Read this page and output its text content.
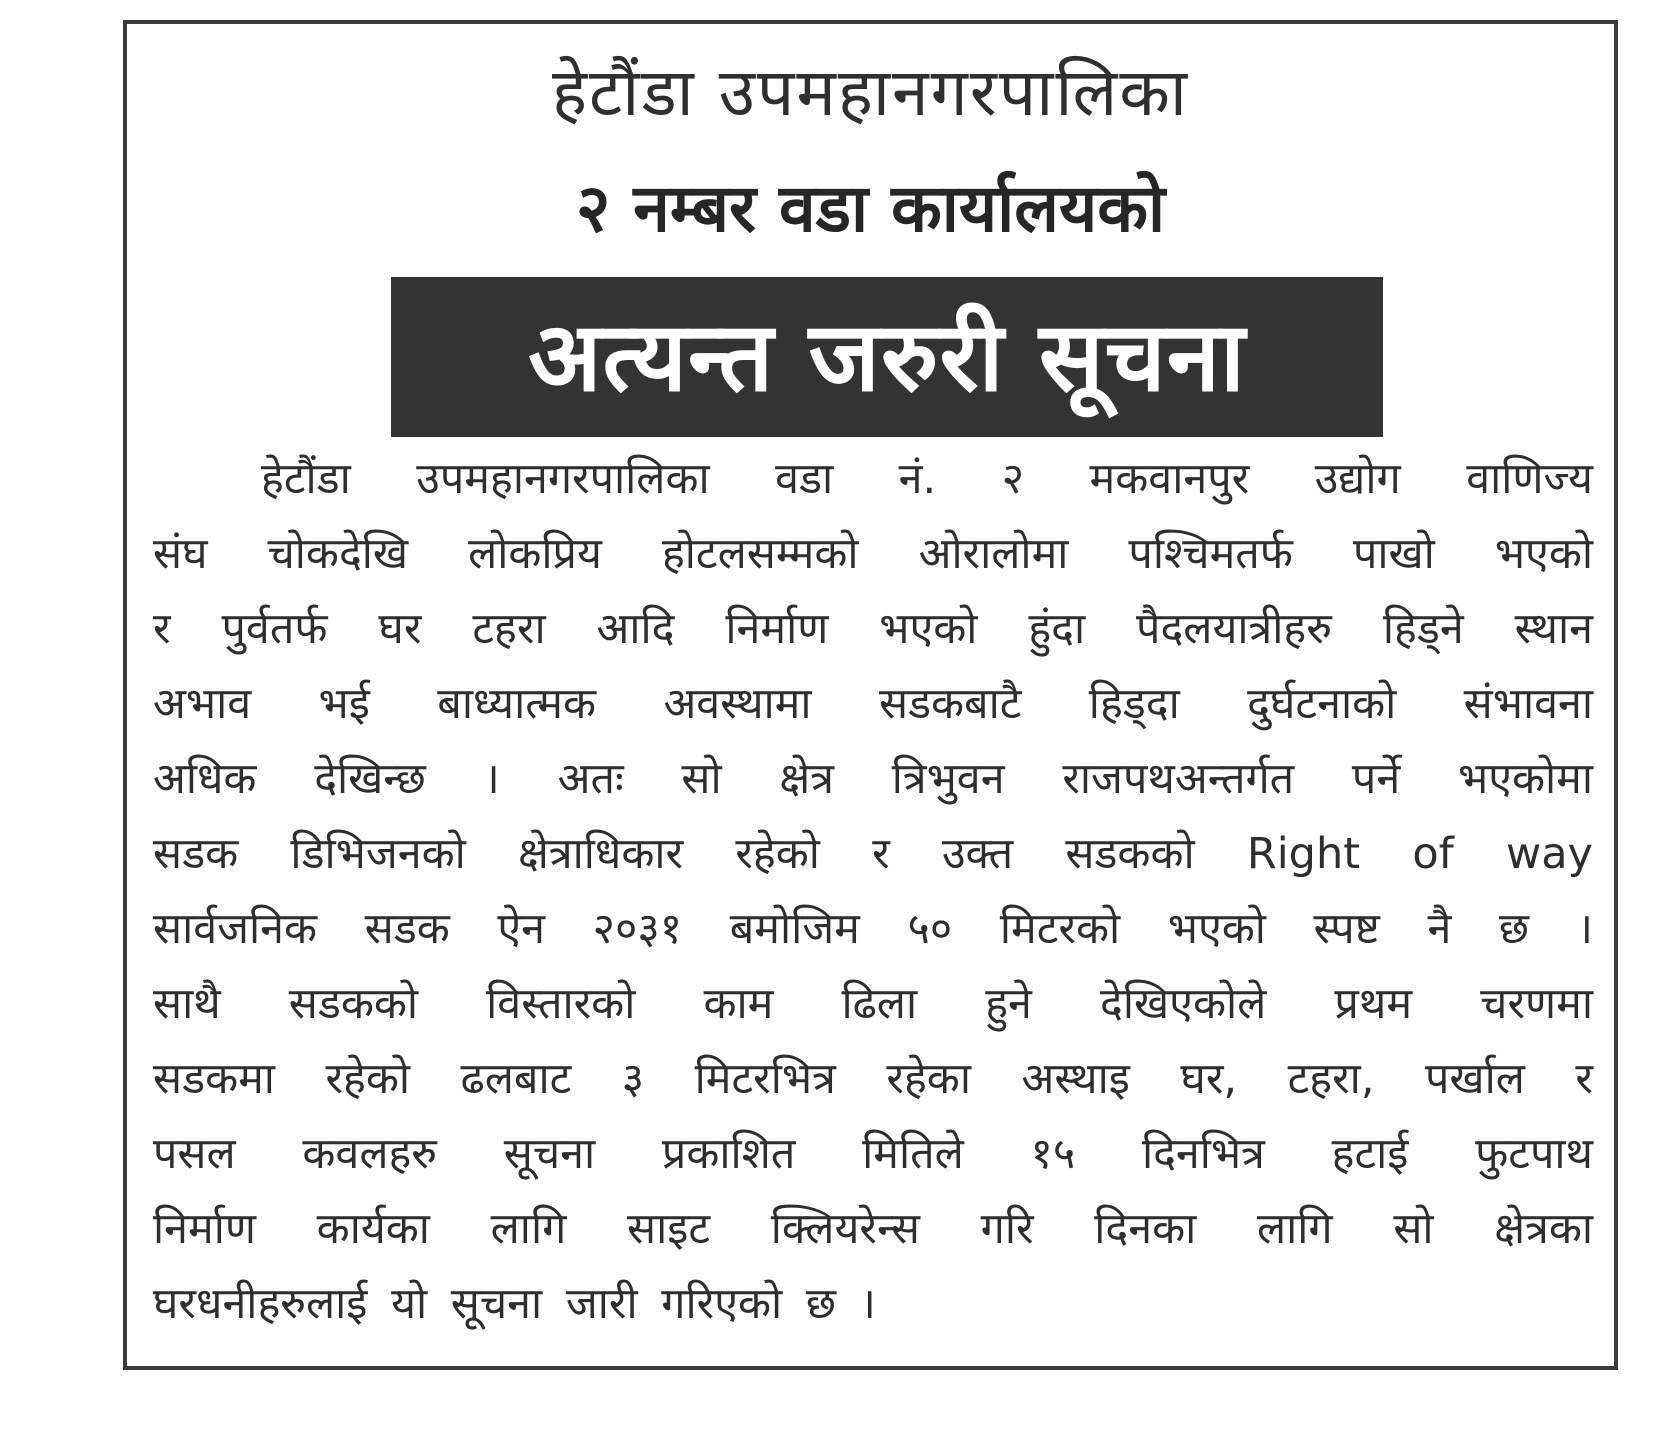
हेटौंडा उपमहानगरपालिका
२ नम्बर वडा कार्यालयको
अत्यन्त जरुरी सूचना
हेटौंडा उपमहानगरपालिका वडा नं. २ मकवानपुर उद्योग वाणिज्य
संघ चोकदेखि लोकप्रिय होटलसम्मको ओरालोमा पश्चिमतर्फ पाखो भएको
र पुर्वतर्फ घर टहरा आदि निर्माण भएको हुंदा पैदलयात्रीहरु हिड्ने स्थान
अभाव भई बाध्यात्मक अवस्थामा सडकबाटै हिड्दा दुर्घटनाको संभावना
अधिक देखिन्छ । अतः सो क्षेत्र त्रिभुवन राजपथअन्तर्गत पर्ने भएकोमा
सडक डिभिजनको क्षेत्राधिकार रहेको र उक्त सडकको Right of way
सार्वजनिक सडक ऐन २०३१ बमोजिम ५० मिटरको भएको स्पष्ट नै छ ।
साथै सडकको विस्तारको काम ढिला हुने देखिएकोले प्रथम चरणमा
सडकमा रहेको ढलबाट ३ मिटरभित्र रहेका अस्थाइ घर, टहरा, पर्खाल र
पसल कवलहरु सूचना प्रकाशित मितिले १५ दिनभित्र हटाई फुटपाथ
निर्माण कार्यका लागि साइट क्लियरेन्स गरि दिनका लागि सो क्षेत्रका
घरधनीहरुलाई यो सूचना जारी गरिएको छ ।
